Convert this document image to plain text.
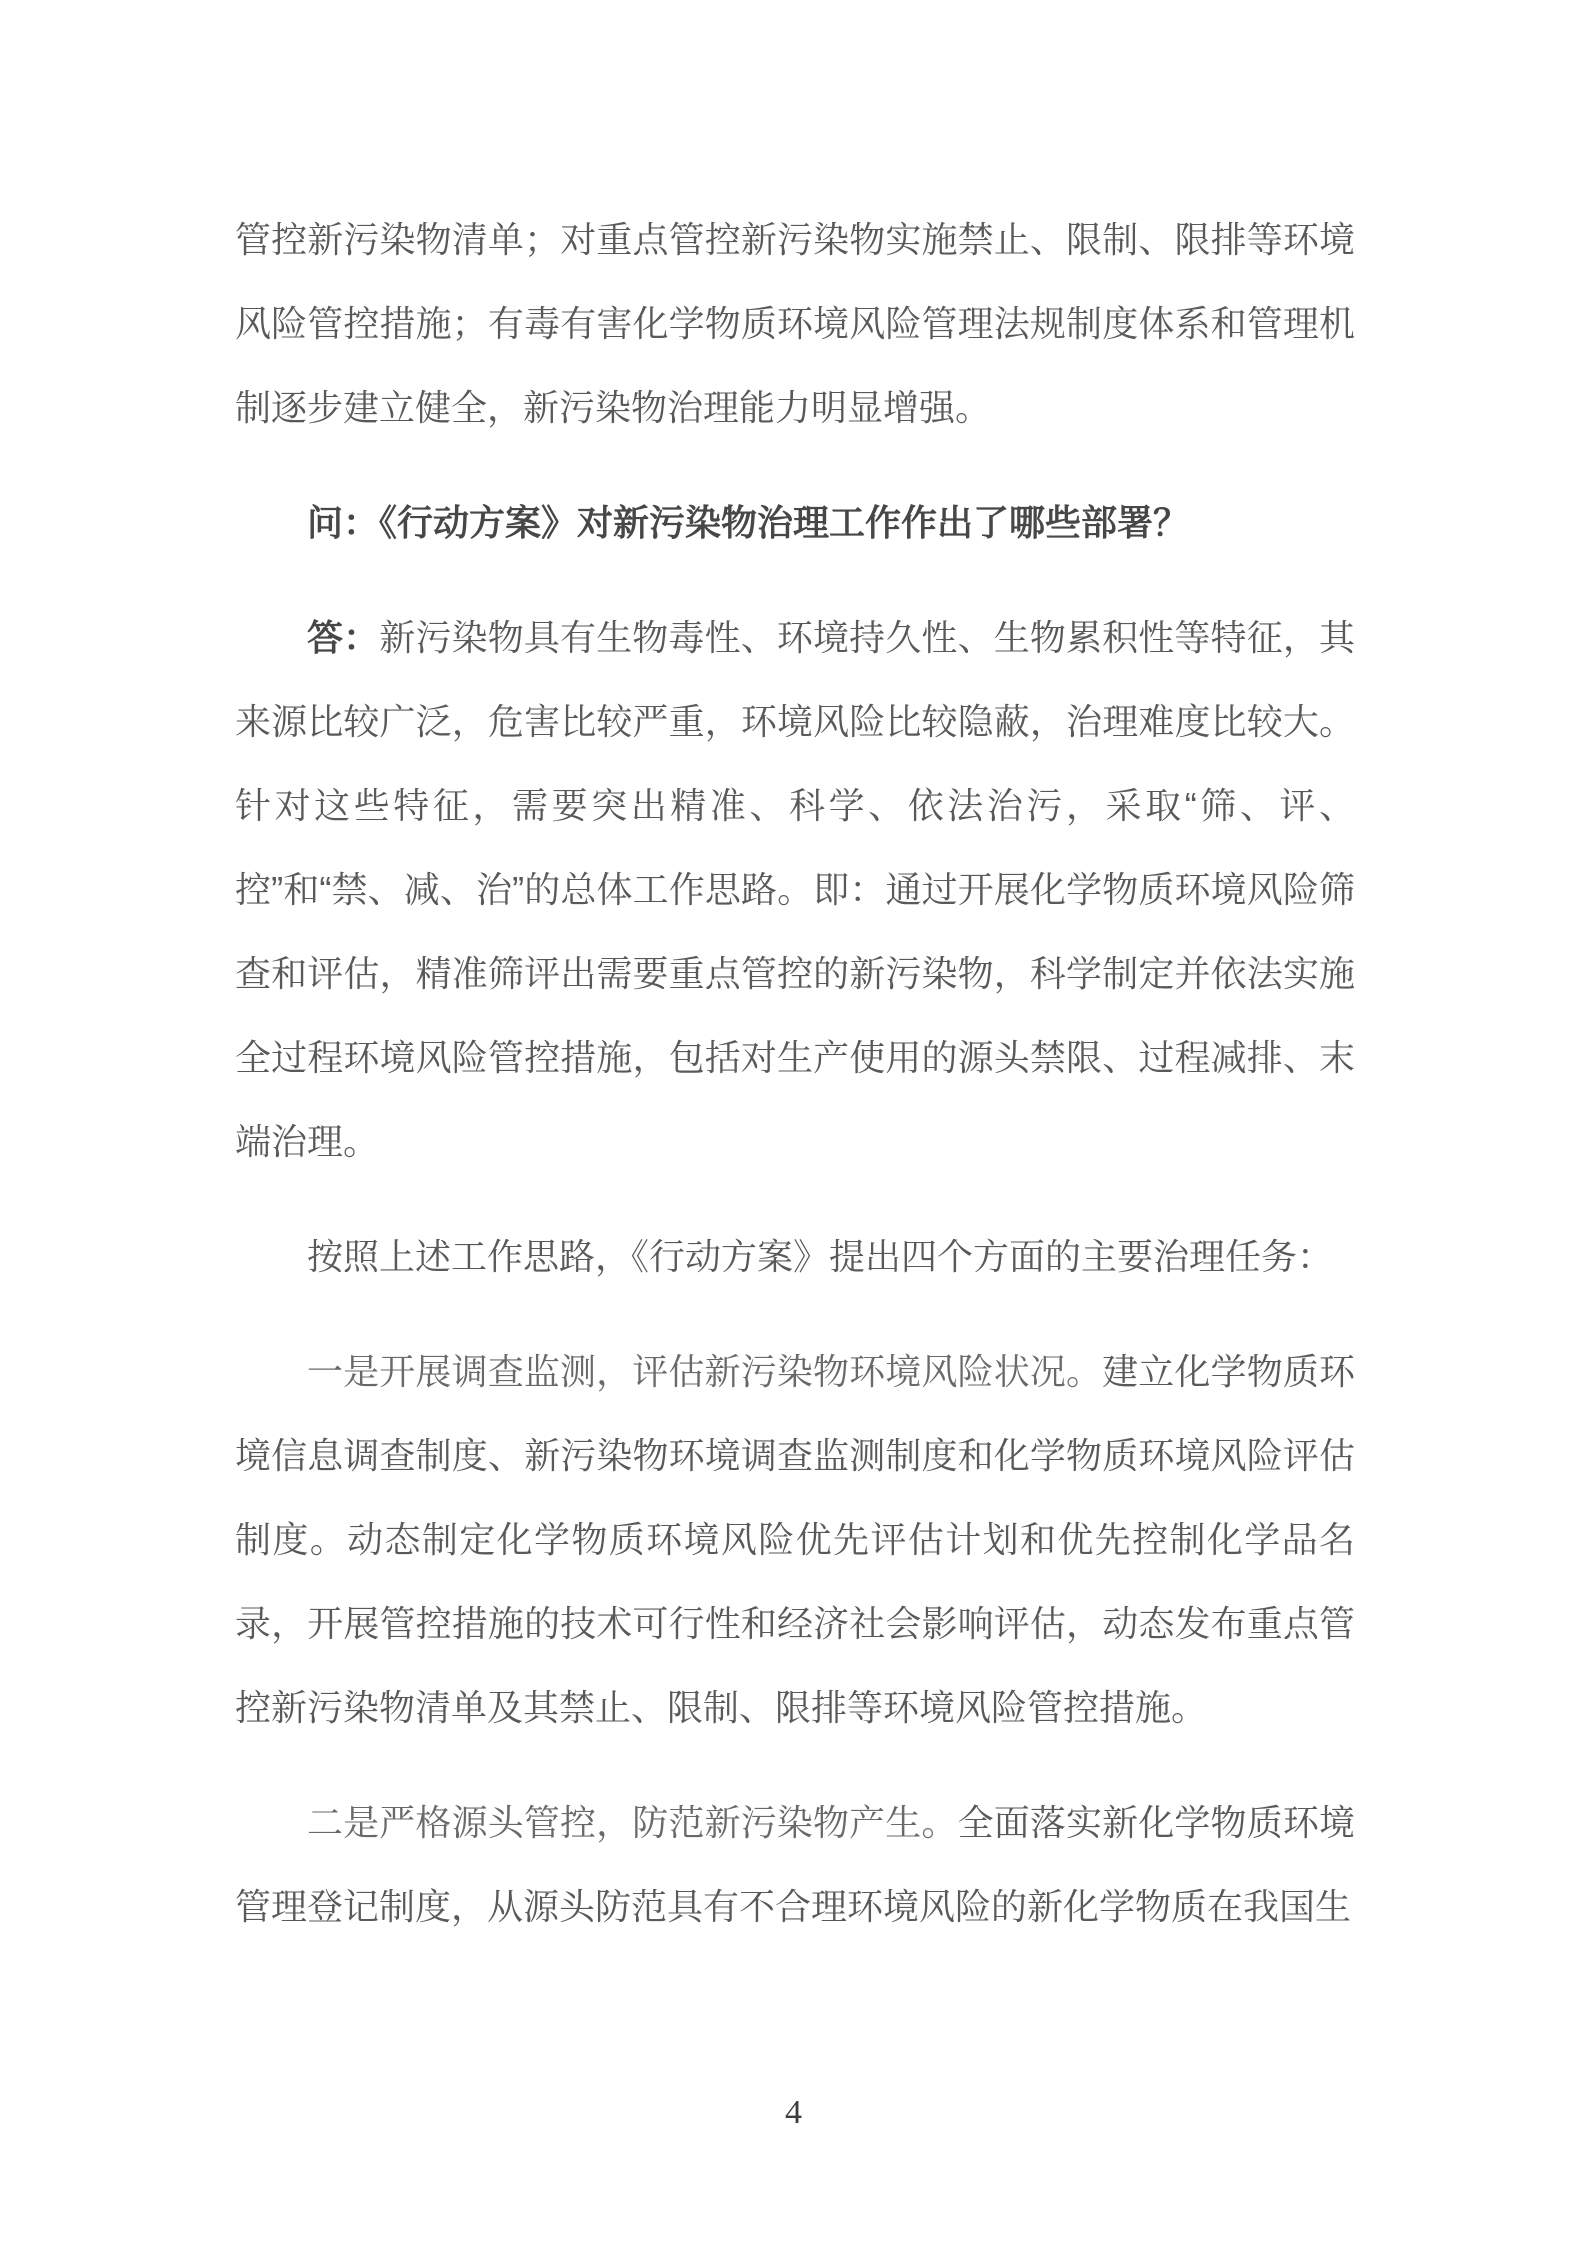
管控新污染物清单；对重点管控新污染物实施禁止、限制、限排等环境风险管控措施；有毒有害化学物质环境风险管理法规制度体系和管理机制逐步建立健全，新污染物治理能力明显增强。

问：《行动方案》对新污染物治理工作作出了哪些部署？

答：新污染物具有生物毒性、环境持久性、生物累积性等特征，其来源比较广泛，危害比较严重，环境风险比较隐蔽，治理难度比较大。针对这些特征，需要突出精准、科学、依法治污，采取“筛、评、控”和“禁、减、治”的总体工作思路。即：通过开展化学物质环境风险筛查和评估，精准筛评出需要重点管控的新污染物，科学制定并依法实施全过程环境风险管控措施，包括对生产使用的源头禁限、过程减排、末端治理。

按照上述工作思路，《行动方案》提出四个方面的主要治理任务：

一是开展调查监测，评估新污染物环境风险状况。建立化学物质环境信息调查制度、新污染物环境调查监测制度和化学物质环境风险评估制度。动态制定化学物质环境风险优先评估计划和优先控制化学品名录，开展管控措施的技术可行性和经济社会影响评估，动态发布重点管控新污染物清单及其禁止、限制、限排等环境风险管控措施。

二是严格源头管控，防范新污染物产生。全面落实新化学物质环境管理登记制度，从源头防范具有不合理环境风险的新化学物质在我国生

4
